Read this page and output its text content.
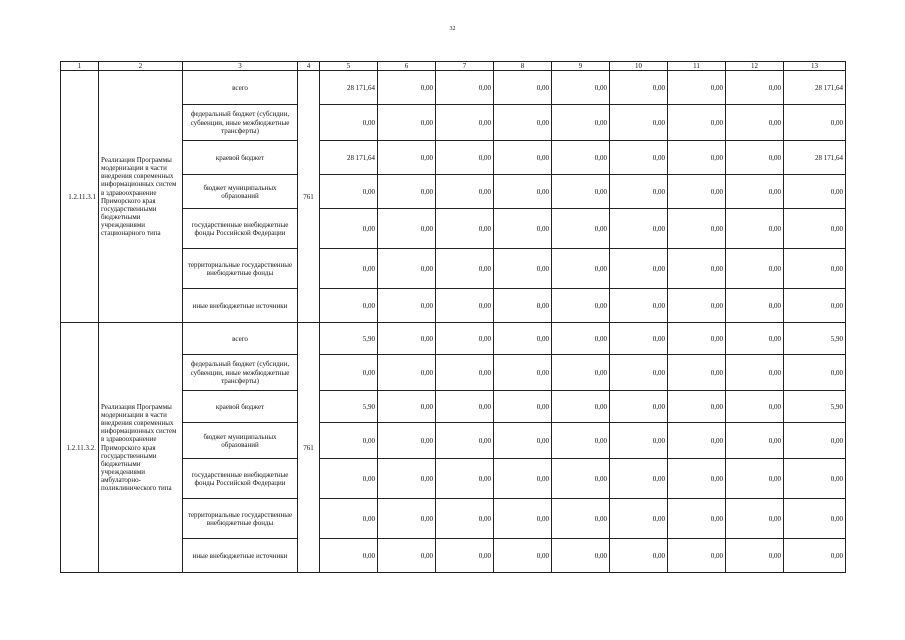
32
1	2	3	4	5	6	7	8	9	10	11	12	13
1.2.11.3.1	Реализация Программы модернизации в части внедрения современных информационных систем в здравоохранение Приморского края государственными бюджетными учреждениями стационарного типа	всего	761	28 171,64	0,00	0,00	0,00	0,00	0,00	0,00	0,00	28 171,64
		федеральный бюджет (субсидии, субвенции, иные межбюджетные трансферты)		0,00	0,00	0,00	0,00	0,00	0,00	0,00	0,00	0,00
		краевой бюджет		28 171,64	0,00	0,00	0,00	0,00	0,00	0,00	0,00	28 171,64
		бюджет муниципальных образований		0,00	0,00	0,00	0,00	0,00	0,00	0,00	0,00	0,00
		государственные внебюджетные фонды Российской Федерации		0,00	0,00	0,00	0,00	0,00	0,00	0,00	0,00	0,00
		территориальные государственные внебюджетные фонды		0,00	0,00	0,00	0,00	0,00	0,00	0,00	0,00	0,00
		иные внебюджетные источники		0,00	0,00	0,00	0,00	0,00	0,00	0,00	0,00	0,00
1.2.11.3.2.	Реализация Программы модернизации в части внедрения современных информационных систем в здравоохранение Приморского края государственными бюджетными учреждениями амбулаторно-поликлинического типа	всего	761	5,90	0,00	0,00	0,00	0,00	0,00	0,00	0,00	5,90
		федеральный бюджет (субсидии, субвенции, иные межбюджетные трансферты)		0,00	0,00	0,00	0,00	0,00	0,00	0,00	0,00	0,00
		краевой бюджет		5,90	0,00	0,00	0,00	0,00	0,00	0,00	0,00	5,90
		бюджет муниципальных образований		0,00	0,00	0,00	0,00	0,00	0,00	0,00	0,00	0,00
		государственные внебюджетные фонды Российской Федерации		0,00	0,00	0,00	0,00	0,00	0,00	0,00	0,00	0,00
		территориальные государственные внебюджетные фонды		0,00	0,00	0,00	0,00	0,00	0,00	0,00	0,00	0,00
		иные внебюджетные источники		0,00	0,00	0,00	0,00	0,00	0,00	0,00	0,00	0,00
